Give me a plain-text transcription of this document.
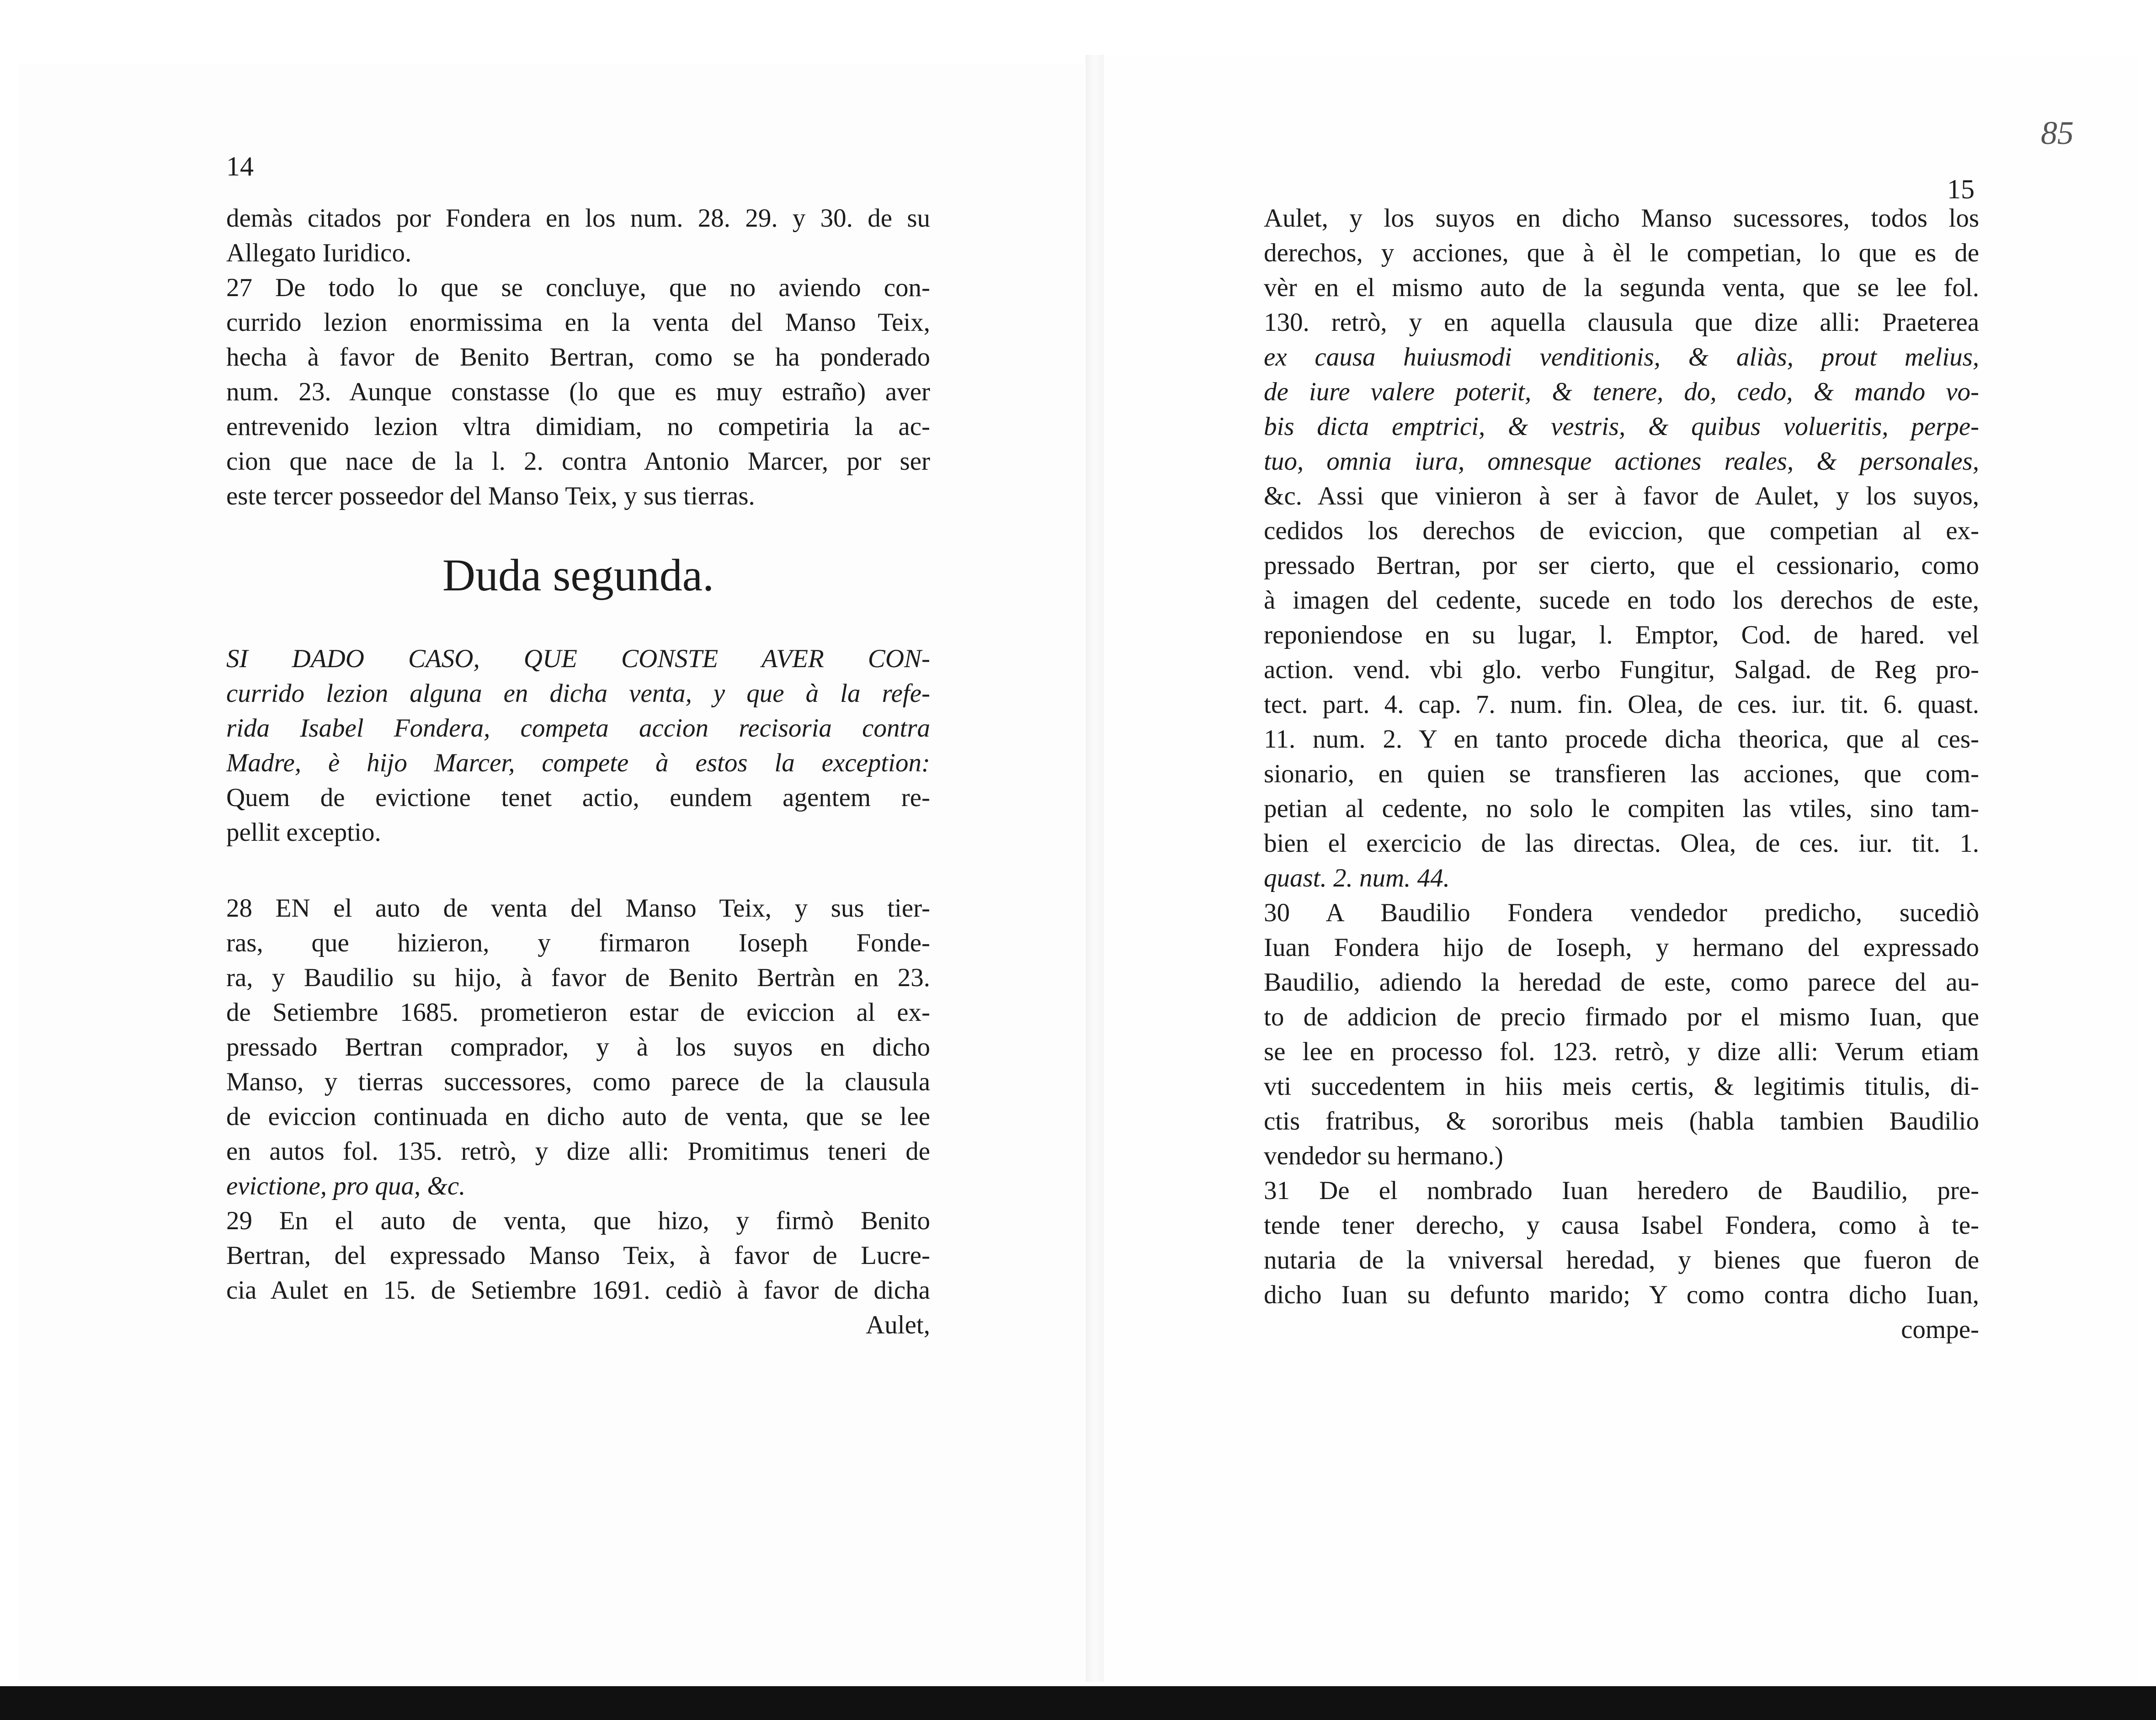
14
15
85
demàs citados por Fondera en los num. 28. 29. y 30. de su
Allegato Iuridico.
27 De todo lo que se concluye, que no aviendo con-
currido lezion enormissima en la venta del Manso Teix,
hecha à favor de Benito Bertran, como se ha ponderado
num. 23. Aunque constasse (lo que es muy estraño) aver
entrevenido lezion vltra dimidiam, no competiria la ac-
cion que nace de la l. 2. contra Antonio Marcer, por ser
este tercer posseedor del Manso Teix, y sus tierras.
Duda segunda.
SI DADO CASO, QUE CONSTE AVER CON-
currido lezion alguna en dicha venta, y que à la refe-
rida Isabel Fondera, competa accion recisoria contra
Madre, è hijo Marcer, compete à estos la exception:
Quem de evictione tenet actio, eundem agentem re-
pellit exceptio.
28 EN el auto de venta del Manso Teix, y sus tier-
ras, que hizieron, y firmaron Ioseph Fonde-
ra, y Baudilio su hijo, à favor de Benito Bertràn en 23.
de Setiembre 1685. prometieron estar de eviccion al ex-
pressado Bertran comprador, y à los suyos en dicho
Manso, y tierras successores, como parece de la clausula
de eviccion continuada en dicho auto de venta, que se lee
en autos fol. 135. retrò, y dize alli: Promitimus teneri de
evictione, pro qua, &c.
29 En el auto de venta, que hizo, y firmò Benito
Bertran, del expressado Manso Teix, à favor de Lucre-
cia Aulet en 15. de Setiembre 1691. cediò à favor de dicha
Aulet,
Aulet, y los suyos en dicho Manso sucessores, todos los
derechos, y acciones, que à èl le competian, lo que es de
vèr en el mismo auto de la segunda venta, que se lee fol.
130. retrò, y en aquella clausula que dize alli: Praeterea
ex causa huiusmodi venditionis, & aliàs, prout melius,
de iure valere poterit, & tenere, do, cedo, & mando vo-
bis dicta emptrici, & vestris, & quibus volueritis, perpe-
tuo, omnia iura, omnesque actiones reales, & personales,
&c. Assi que vinieron à ser à favor de Aulet, y los suyos,
cedidos los derechos de eviccion, que competian al ex-
pressado Bertran, por ser cierto, que el cessionario, como
à imagen del cedente, sucede en todo los derechos de este,
reponiendose en su lugar, l. Emptor, Cod. de hared. vel
action. vend. vbi glo. verbo Fungitur, Salgad. de Reg pro-
tect. part. 4. cap. 7. num. fin. Olea, de ces. iur. tit. 6. quast.
11. num. 2. Y en tanto procede dicha theorica, que al ces-
sionario, en quien se transfieren las acciones, que com-
petian al cedente, no solo le compiten las vtiles, sino tam-
bien el exercicio de las directas. Olea, de ces. iur. tit. 1.
quast. 2. num. 44.
30 A Baudilio Fondera vendedor predicho, sucediò
Iuan Fondera hijo de Ioseph, y hermano del expressado
Baudilio, adiendo la heredad de este, como parece del au-
to de addicion de precio firmado por el mismo Iuan, que
se lee en processo fol. 123. retrò, y dize alli: Verum etiam
vti succedentem in hiis meis certis, & legitimis titulis, di-
ctis fratribus, & sororibus meis (habla tambien Baudilio
vendedor su hermano.)
31 De el nombrado Iuan heredero de Baudilio, pre-
tende tener derecho, y causa Isabel Fondera, como à te-
nutaria de la vniversal heredad, y bienes que fueron de
dicho Iuan su defunto marido; Y como contra dicho Iuan,
compe-
